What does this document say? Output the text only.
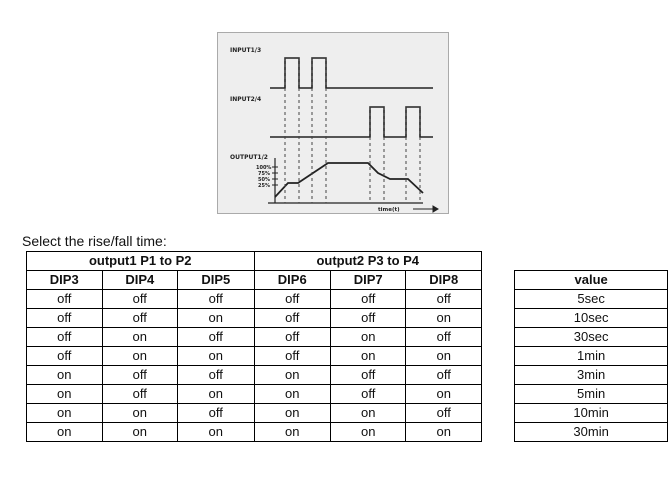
INPUT1/3
INPUT2/4
OUTPUT1/2
100%
75%
50%
25%
time(t)
Select the rise/fall time:
output1 P1 to P2			output2 P3 to P4				
DIP3	DIP4	DIP5	DIP6	DIP7	DIP8		value
off	off	off	off	off	off		5sec
off	off	on	off	off	on		10sec
off	on	off	off	on	off		30sec
off	on	on	off	on	on		1min
on	off	off	on	off	off		3min
on	off	on	on	off	on		5min
on	on	off	on	on	off		10min
on	on	on	on	on	on		30min
